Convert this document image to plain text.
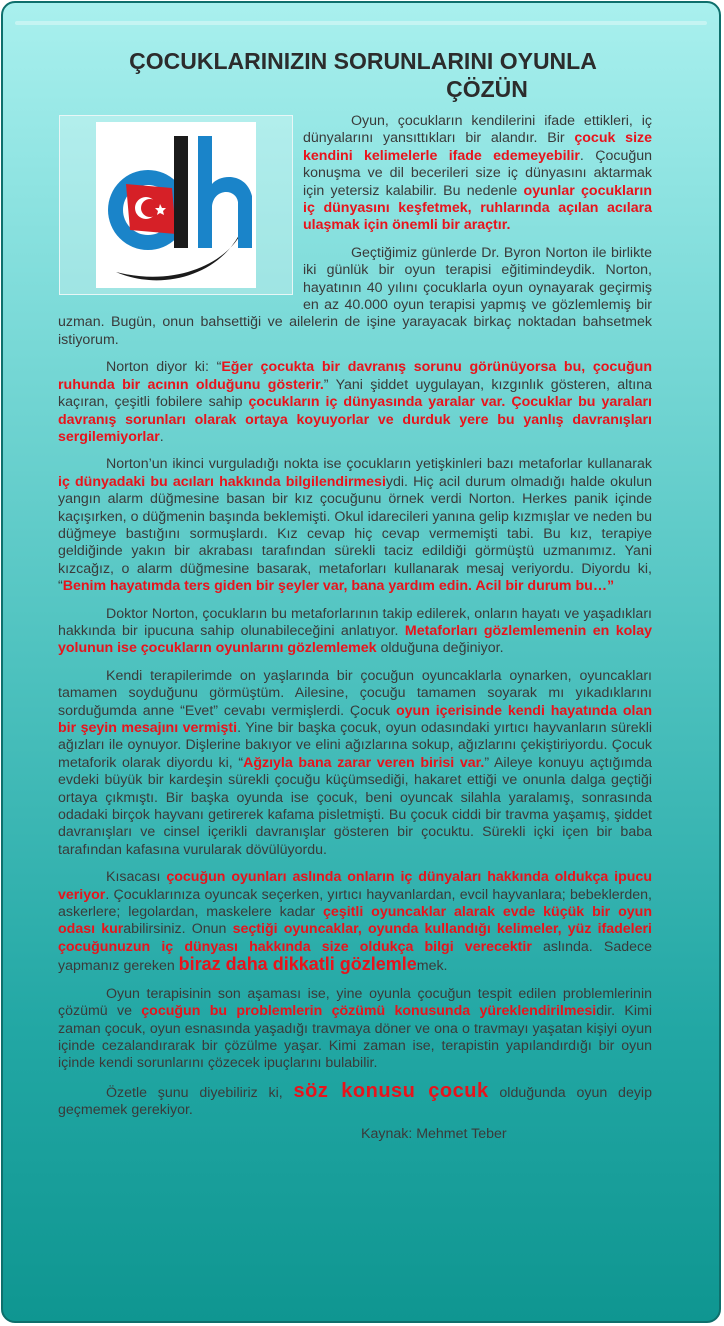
ÇOCUKLARINIZIN SORUNLARINI OYUNLA
ÇÖZÜN

Oyun, çocukların kendilerini ifade ettikleri, iç dünyalarını yansıttıkları bir alandır. Bir çocuk size kendini kelimelerle ifade edemeyebilir. Çocuğun konuşma ve dil becerileri size iç dünyasını aktarmak için yetersiz kalabilir. Bu nedenle oyunlar çocukların iç dünyasını keşfetmek, ruhlarında açılan acılara ulaşmak için önemli bir araçtır.

Geçtiğimiz günlerde Dr. Byron Norton ile birlikte iki günlük bir oyun terapisi eğitimindeydik. Norton, hayatının 40 yılını çocuklarla oyun oynayarak geçirmiş en az 40.000 oyun terapisi yapmış ve gözlemlemiş bir uzman. Bugün, onun bahsettiği ve ailelerin de işine yarayacak birkaç noktadan bahsetmek istiyorum.

Norton diyor ki: “Eğer çocukta bir davranış sorunu görünüyorsa bu, çocuğun ruhunda bir acının olduğunu gösterir.” Yani şiddet uygulayan, kızgınlık gösteren, altına kaçıran, çeşitli fobilere sahip çocukların iç dünyasında yaralar var. Çocuklar bu yaraları davranış sorunları olarak ortaya koyuyorlar ve durduk yere bu yanlış davranışları sergilemiyorlar.

Norton’un ikinci vurguladığı nokta ise çocukların yetişkinleri bazı metaforlar kullanarak iç dünyadaki bu acıları hakkında bilgilendirmesiydi. Hiç acil durum olmadığı halde okulun yangın alarm düğmesine basan bir kız çocuğunu örnek verdi Norton. Herkes panik içinde kaçışırken, o düğmenin başında beklemişti. Okul idarecileri yanına gelip kızmışlar ve neden bu düğmeye bastığını sormuşlardı. Kız cevap hiç cevap vermemişti tabi. Bu kız, terapiye geldiğinde yakın bir akrabası tarafından sürekli taciz edildiği görmüştü uzmanımız. Yani kızcağız, o alarm düğmesine basarak, metaforları kullanarak mesaj veriyordu. Diyordu ki, “Benim hayatımda ters giden bir şeyler var, bana yardım edin. Acil bir durum bu…”

Doktor Norton, çocukların bu metaforlarının takip edilerek, onların hayatı ve yaşadıkları hakkında bir ipucuna sahip olunabileceğini anlatıyor. Metaforları gözlemlemenin en kolay yolunun ise çocukların oyunlarını gözlemlemek olduğuna değiniyor.

Kendi terapilerimde on yaşlarında bir çocuğun oyuncaklarla oynarken, oyuncakları tamamen soyduğunu görmüştüm. Ailesine, çocuğu tamamen soyarak mı yıkadıklarını sorduğumda anne “Evet” cevabı vermişlerdi. Çocuk oyun içerisinde kendi hayatında olan bir şeyin mesajını vermişti. Yine bir başka çocuk, oyun odasındaki yırtıcı hayvanların sürekli ağızları ile oynuyor. Dişlerine bakıyor ve elini ağızlarına sokup, ağızlarını çekiştiriyordu. Çocuk metaforik olarak diyordu ki, “Ağzıyla bana zarar veren birisi var.” Aileye konuyu açtığımda evdeki büyük bir kardeşin sürekli çocuğu küçümsediği, hakaret ettiği ve onunla dalga geçtiği ortaya çıkmıştı. Bir başka oyunda ise çocuk, beni oyuncak silahla yaralamış, sonrasında odadaki birçok hayvanı getirerek kafama pisletmişti. Bu çocuk ciddi bir travma yaşamış, şiddet davranışları ve cinsel içerikli davranışlar gösteren bir çocuktu. Sürekli içki içen bir baba tarafından kafasına vurularak dövülüyordu.

Kısacası çocuğun oyunları aslında onların iç dünyaları hakkında oldukça ipucu veriyor. Çocuklarınıza oyuncak seçerken, yırtıcı hayvanlardan, evcil hayvanlara; bebeklerden, askerlere; legolardan, maskelere kadar çeşitli oyuncaklar alarak evde küçük bir oyun odası kurabilirsiniz. Onun seçtiği oyuncaklar, oyunda kullandığı kelimeler, yüz ifadeleri çocuğunuzun iç dünyası hakkında size oldukça bilgi verecektir aslında. Sadece yapmanız gereken biraz daha dikkatli gözlemlemek.

Oyun terapisinin son aşaması ise, yine oyunla çocuğun tespit edilen problemlerinin çözümü ve çocuğun bu problemlerin çözümü konusunda yüreklendirilmesidir. Kimi zaman çocuk, oyun esnasında yaşadığı travmaya döner ve ona o travmayı yaşatan kişiyi oyun içinde cezalandırarak bir çözülme yaşar. Kimi zaman ise, terapistin yapılandırdığı bir oyun içinde kendi sorunlarını çözecek ipuçlarını bulabilir.

Özetle şunu diyebiliriz ki, söz konusu çocuk olduğunda oyun deyip geçmemek gerekiyor.

Kaynak: Mehmet Teber
